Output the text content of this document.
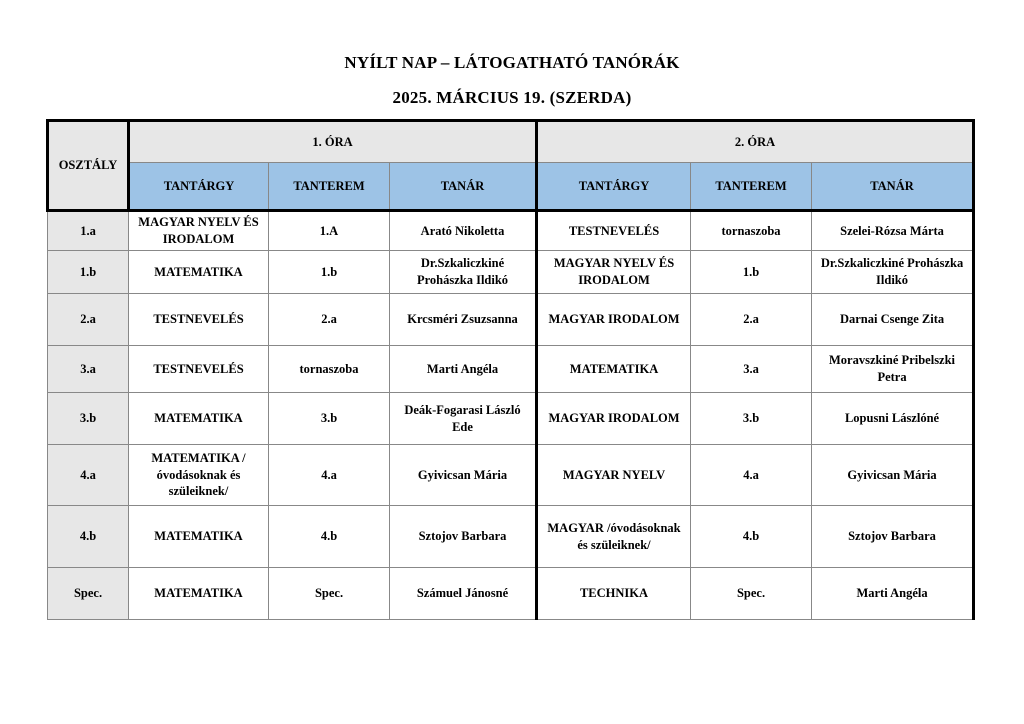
NYÍLT NAP – LÁTOGATHATÓ TANÓRÁK
2025. MÁRCIUS 19. (SZERDA)
OSZTÁLY	1. ÓRA			2. ÓRA		
	TANTÁRGY	TANTEREM	TANÁR	TANTÁRGY	TANTEREM	TANÁR
1.a	MAGYAR NYELV ÉS IRODALOM	1.A	Arató Nikoletta	TESTNEVELÉS	tornaszoba	Szelei-Rózsa Márta
1.b	MATEMATIKA	1.b	Dr.Szkaliczkiné Prohászka Ildikó	MAGYAR NYELV ÉS IRODALOM	1.b	Dr.Szkaliczkiné Prohászka Ildikó
2.a	TESTNEVELÉS	2.a	Krcsméri Zsuzsanna	MAGYAR IRODALOM	2.a	Darnai Csenge Zita
3.a	TESTNEVELÉS	tornaszoba	Marti Angéla	MATEMATIKA	3.a	Moravszkiné Pribelszki Petra
3.b	MATEMATIKA	3.b	Deák-Fogarasi László Ede	MAGYAR IRODALOM	3.b	Lopusni Lászlóné
4.a	MATEMATIKA /óvodásoknak és szüleiknek/	4.a	Gyivicsan Mária	MAGYAR NYELV	4.a	Gyivicsan Mária
4.b	MATEMATIKA	4.b	Sztojov Barbara	MAGYAR /óvodásoknak és szüleiknek/	4.b	Sztojov Barbara
Spec.	MATEMATIKA	Spec.	Számuel Jánosné	TECHNIKA	Spec.	Marti Angéla
